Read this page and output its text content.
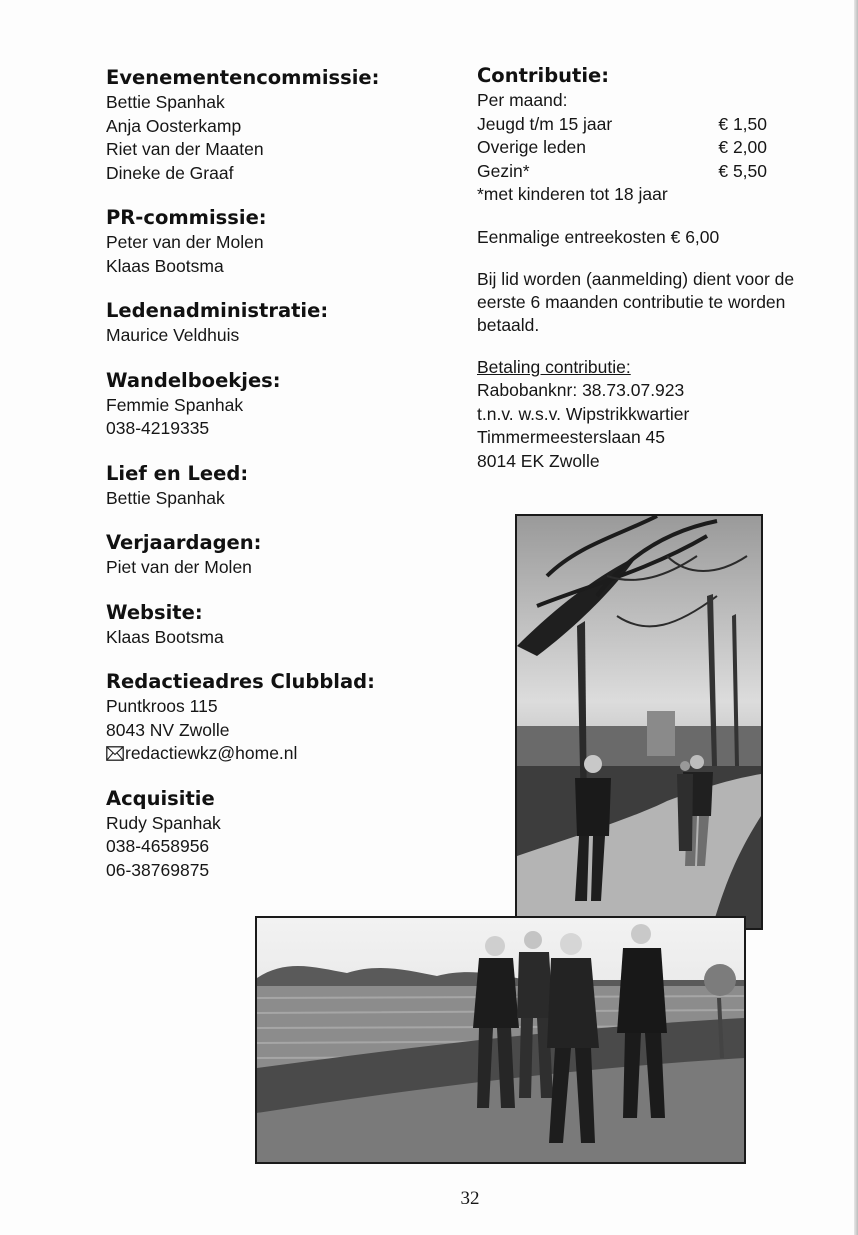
Evenementencommissie:
Bettie Spanhak
Anja Oosterkamp
Riet van der Maaten
Dineke de Graaf
PR-commissie:
Peter van der Molen
Klaas Bootsma
Ledenadministratie:
Maurice Veldhuis
Wandelboekjes:
Femmie Spanhak
038-4219335
Lief en Leed:
Bettie Spanhak
Verjaardagen:
Piet van der Molen
Website:
Klaas Bootsma
Redactieadres Clubblad:
Puntkroos 115
8043 NV Zwolle
redactiewkz@home.nl
Acquisitie
Rudy Spanhak
038-4658956
06-38769875
Contributie:
Per maand:
Jeugd t/m 15 jaar	€ 1,50
Overige leden	€ 2,00
Gezin*	€ 5,50
*met kinderen tot 18 jaar
Eenmalige entreekosten € 6,00
Bij lid worden (aanmelding) dient voor de eerste 6 maanden contributie te worden betaald.
Betaling contributie:
Rabobanknr: 38.73.07.923
t.n.v. w.s.v. Wipstrikkwartier
Timmermeesterslaan 45
8014 EK Zwolle
32
